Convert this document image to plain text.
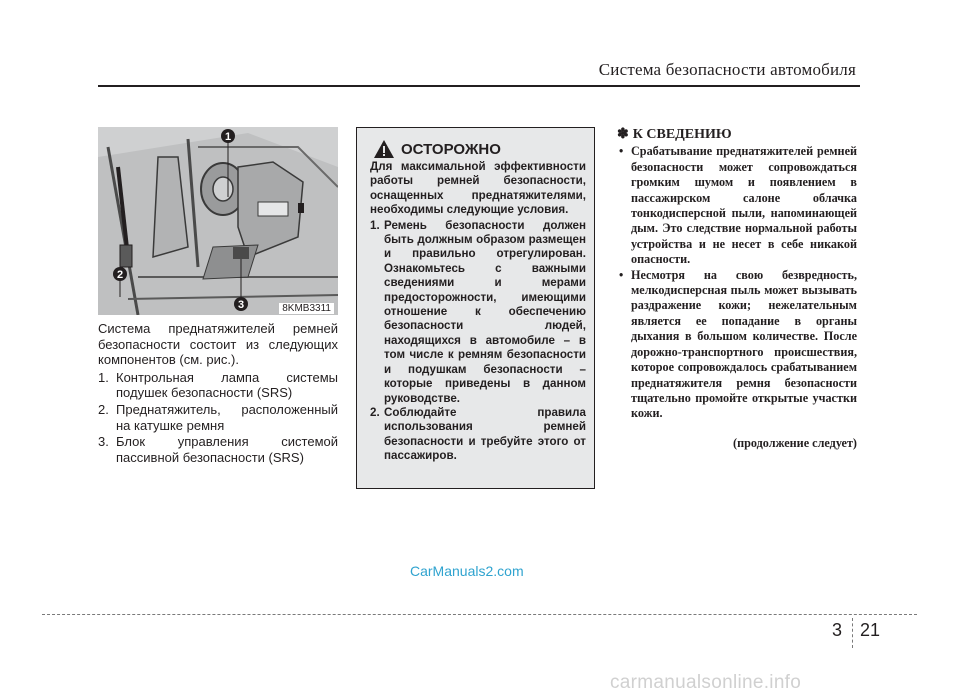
Система безопасности автомобиля
1
2
3	8KMB3311

Система преднатяжителей ремней безопасности состоит из следующих компонентов (см. рис.).

1. Контрольная лампа системы подушек безопасности (SRS)
2. Преднатяжитель, расположенный на катушке ремня
3. Блок управления системой пассивной безопасности (SRS)
ОСТОРОЖНО

Для максимальной эффективности работы ремней безопасности, оснащенных преднатяжителями, необходимы следующие условия.

1. Ремень безопасности должен быть должным образом размещен и правильно отрегулирован. Ознакомьтесь с важными сведениями и мерами предосторожности, имеющими отношение к обеспечению безопасности людей, находящихся в автомобиле – в том числе к ремням безопасности и подушкам безопасности – которые приведены в данном руководстве.
2. Соблюдайте правила использования ремней безопасности и требуйте этого от пассажиров.
✽ К СВЕДЕНИЮ
• Срабатывание преднатяжителей ремней безопасности может сопровождаться громким шумом и появлением в пассажирском салоне облачка тонкодисперсной пыли, напоминающей дым. Это следствие нормальной работы устройства и не несет в себе никакой опасности.
• Несмотря на свою безвредность, мелкодисперсная пыль может вызывать раздражение кожи; нежелательным является ее попадание в органы дыхания в большом количестве. После дорожно-транспортного происшествия, которое сопровождалось срабатыванием преднатяжителя ремня безопасности тщательно промойте открытые участки кожи.
(продолжение следует)
CarManuals2.com
3 21
carmanualsonline.info
